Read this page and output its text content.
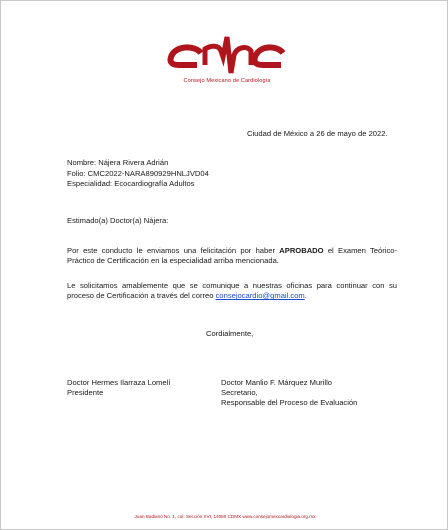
Consejo Mexicano de Cardiología
Ciudad de México a 26 de mayo de 2022.
Nombre: Nájera Rivera Adrián
Folio: CMC2022-NARA890929HNLJVD04
Especialidad: Ecocardiografía Adultos
Estimado(a) Doctor(a) Nájera:
Por este conducto le enviamos una felicitación por haber APROBADO el Examen Teórico-Práctico de Certificación en la especialidad arriba mencionada.
Le solicitamos amablemente que se comunique a nuestras oficinas para continuar con su proceso de Certificación a través del correo consejocardio@gmail.com.
Cordialmente,
Doctor Hermes Ilarraza Lomelí
Presidente
Doctor Manlio F. Márquez Murillo
Secretario,
Responsable del Proceso de Evaluación
Juan Badiano No. 1, col. Sección XVI, 14080 CDMX www.consejomexcardiologia.org.mx
